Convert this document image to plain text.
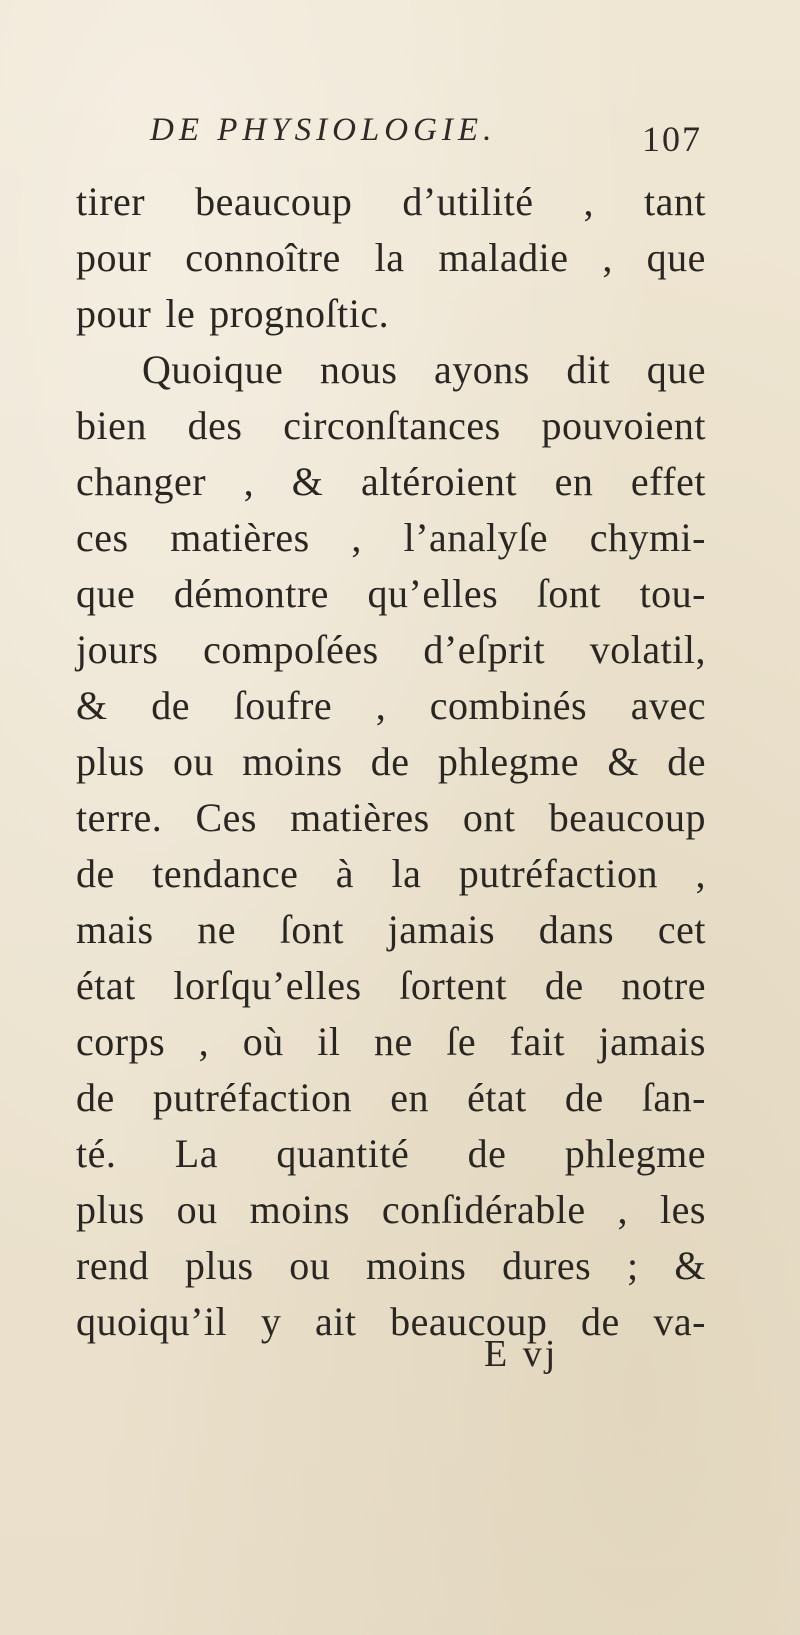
DE PHYSIOLOGIE.	107
tirer beaucoup d’utilité , tant
pour connoître la maladie , que
pour le prognoſtic.
Quoique nous ayons dit que
bien des circonſtances pouvoient
changer , & altéroient en effet
ces matières , l’analyſe chymi-
que démontre qu’elles ſont tou-
jours compoſées d’eſprit volatil,
& de ſoufre , combinés avec
plus ou moins de phlegme & de
terre. Ces matières ont beaucoup
de tendance à la putréfaction ,
mais ne ſont jamais dans cet
état lorſqu’elles ſortent de notre
corps , où il ne ſe fait jamais
de putréfaction en état de ſan-
té. La quantité de phlegme
plus ou moins conſidérable , les
rend plus ou moins dures ; &
quoiqu’il y ait beaucoup de va-
E vj
